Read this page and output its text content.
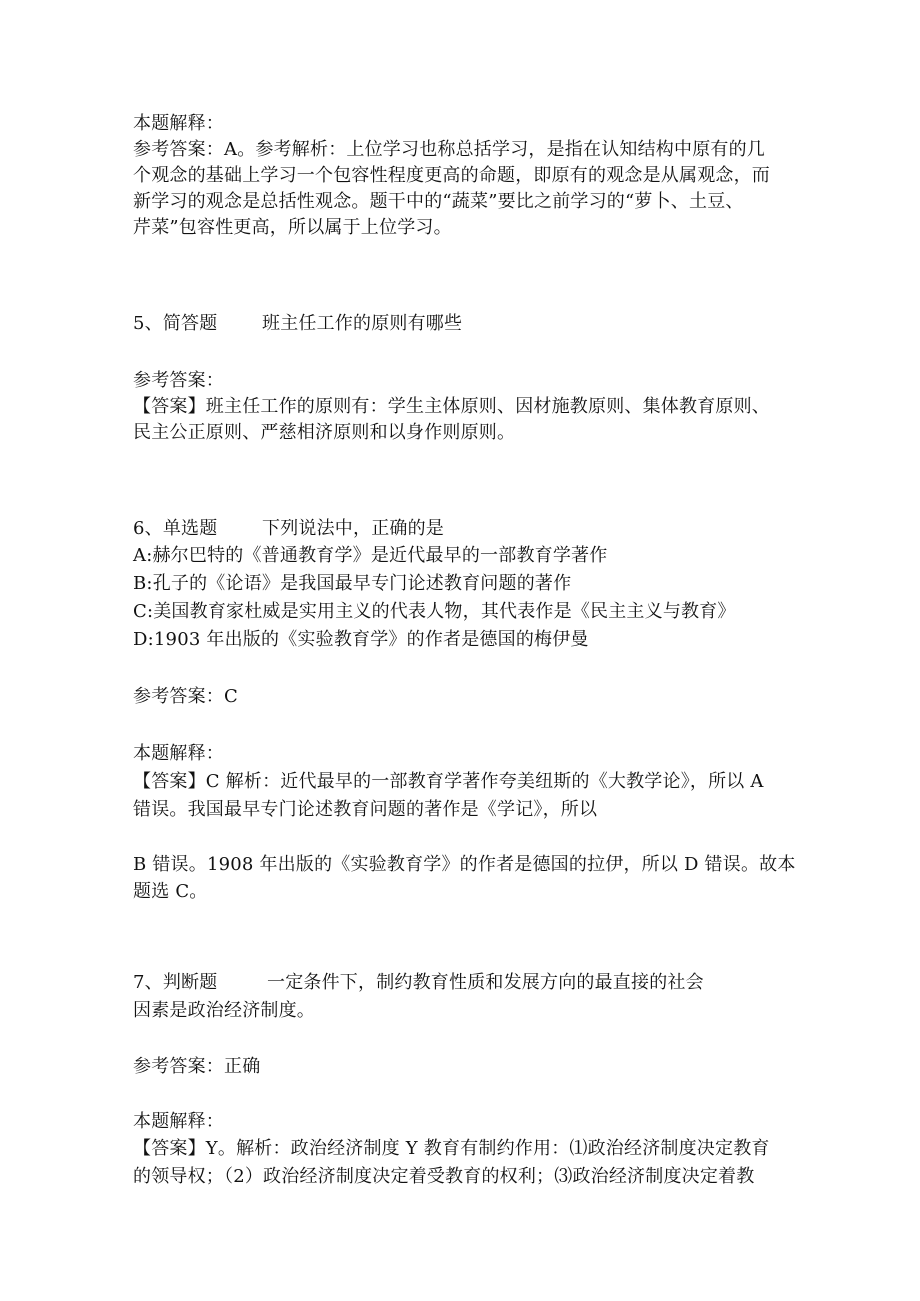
本题解释：
参考答案：A。参考解析：上位学习也称总括学习，是指在认知结构中原有的几
个观念的基础上学习一个包容性程度更高的命题，即原有的观念是从属观念，而
新学习的观念是总括性观念。题干中的“蔬菜”要比之前学习的“萝卜、土豆、
芹菜”包容性更高，所以属于上位学习。
5、简答题 班主任工作的原则有哪些
参考答案：
【答案】班主任工作的原则有：学生主体原则、因材施教原则、集体教育原则、
民主公正原则、严慈相济原则和以身作则原则。
6、单选题 下列说法中，正确的是
A:赫尔巴特的《普通教育学》是近代最早的一部教育学著作
B:孔子的《论语》是我国最早专门论述教育问题的著作
C:美国教育家杜威是实用主义的代表人物，其代表作是《民主主义与教育》
D:1903 年出版的《实验教育学》的作者是德国的梅伊曼
参考答案：C
本题解释：
【答案】C 解析：近代最早的一部教育学著作夸美纽斯的《大教学论》，所以 A
错误。我国最早专门论述教育问题的著作是《学记》，所以
B 错误。1908 年出版的《实验教育学》的作者是德国的拉伊，所以 D 错误。故本
题选 C。
7、判断题	一定条件下，制约教育性质和发展方向的最直接的社会
因素是政治经济制度。
参考答案：正确
本题解释：
【答案】Y。解析：政治经济制度 Y 教育有制约作用：⑴政治经济制度决定教育
的领导权；（2）政治经济制度决定着受教育的权利；⑶政治经济制度决定着教
